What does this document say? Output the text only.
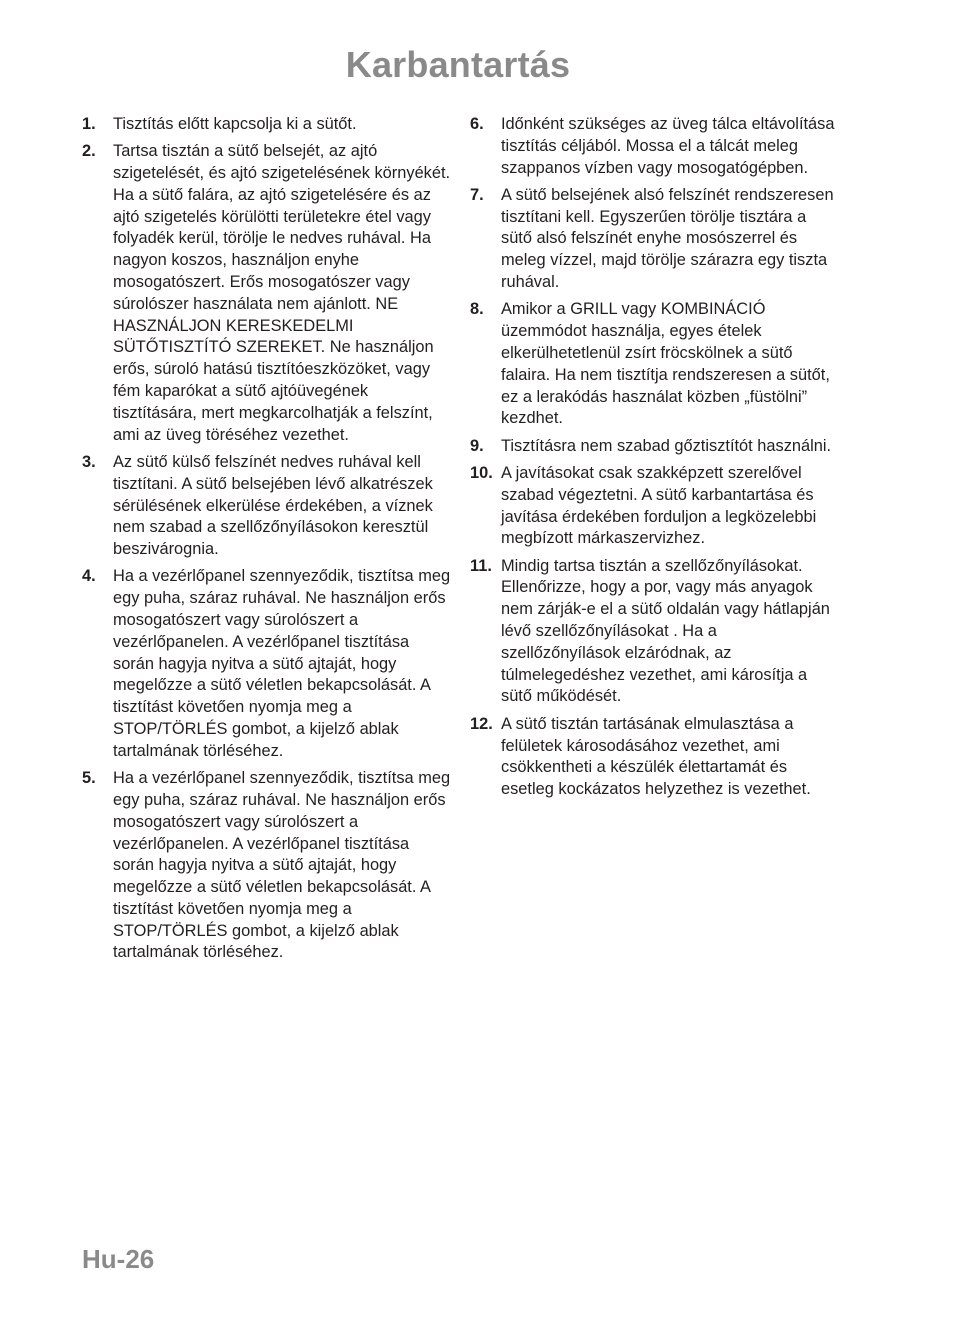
Karbantartás
1. Tisztítás előtt kapcsolja ki a sütőt.
2. Tartsa tisztán a sütő belsejét, az ajtó szigetelését, és ajtó szigetelésének környékét. Ha a sütő falára, az ajtó szigetelésére és az ajtó szigetelés körülötti területekre étel vagy folyadék kerül, törölje le nedves ruhával. Ha nagyon koszos, használjon enyhe mosogatószert. Erős mosogatószer vagy súrolószer használata nem ajánlott. NE HASZNÁLJON KERESKEDELMI SÜTŐTISZTÍTÓ SZEREKET. Ne használjon erős, súroló hatású tisztítóeszközöket, vagy fém kaparókat a sütő ajtóüvegének tisztítására, mert megkarcolhatják a felszínt, ami az üveg töréséhez vezethet.
3. Az sütő külső felszínét nedves ruhával kell tisztítani. A sütő belsejében lévő alkatrészek sérülésének elkerülése érdekében, a víznek nem szabad a szellőzőnyílásokon keresztül beszivárognia.
4. Ha a vezérlőpanel szennyeződik, tisztítsa meg egy puha, száraz ruhával. Ne használjon erős mosogatószert vagy súrolószert a vezérlőpanelen. A vezérlőpanel tisztítása során hagyja nyitva a sütő ajtaját, hogy megelőzze a sütő véletlen bekapcsolását. A tisztítást követően nyomja meg a STOP/TÖRLÉS gombot, a kijelző ablak tartalmának törléséhez.
5. Ha a vezérlőpanel szennyeződik, tisztítsa meg egy puha, száraz ruhával. Ne használjon erős mosogatószert vagy súrolószert a vezérlőpanelen. A vezérlőpanel tisztítása során hagyja nyitva a sütő ajtaját, hogy megelőzze a sütő véletlen bekapcsolását. A tisztítást követően nyomja meg a STOP/TÖRLÉS gombot, a kijelző ablak tartalmának törléséhez.
6. Időnként szükséges az üveg tálca eltávolítása tisztítás céljából. Mossa el a tálcát meleg szappanos vízben vagy mosogatógépben.
7. A sütő belsejének alsó felszínét rendszeresen tisztítani kell. Egyszerűen törölje tisztára a sütő alsó felszínét enyhe mosószerrel és meleg vízzel, majd törölje szárazra egy tiszta ruhával.
8. Amikor a GRILL vagy KOMBINÁCIÓ üzemmódot használja, egyes ételek elkerülhetetlenül zsírt fröcskölnek a sütő falaira. Ha nem tisztítja rendszeresen a sütőt, ez a lerakódás használat közben „füstölni” kezdhet.
9. Tisztításra nem szabad gőztisztítót használni.
10. A javításokat csak szakképzett szerelővel szabad végeztetni. A sütő karbantartása és javítása érdekében forduljon a legközelebbi megbízott márkaszervizhez.
11. Mindig tartsa tisztán a szellőzőnyílásokat. Ellenőrizze, hogy a por, vagy más anyagok nem zárják-e el a sütő oldalán vagy hátlapján lévő szellőzőnyílásokat . Ha a szellőzőnyílások elzáródnak, az túlmelegedéshez vezethet, ami károsítja a sütő működését.
12. A sütő tisztán tartásának elmulasztása a felületek károsodásához vezethet, ami csökkentheti a készülék élettartamát és esetleg kockázatos helyzethez is vezethet.
Hu-26
